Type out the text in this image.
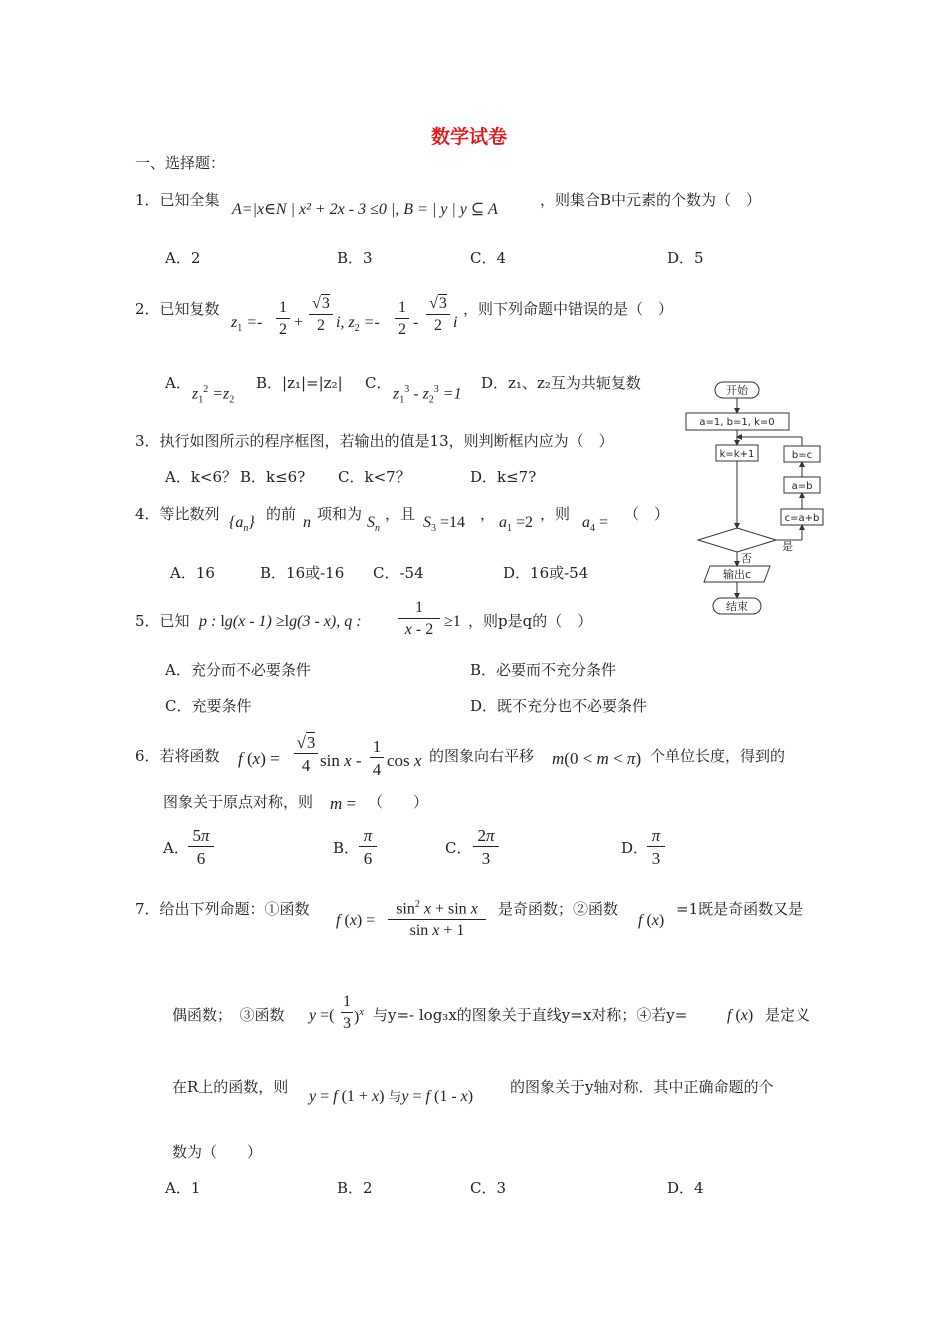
数学试卷
一、选择题：
1．已知全集
A=|x∈N | x² + 2x - 3 ≤0 |, B = | y | y ⊆ A
，则集合B中元素的个数为（　）
A．2	B．3	C．4	D．5
2．已知复数
$z_1 =- \frac{1}{2} + \frac{√3}{2} i$, $z_2 =- \frac{1}{2} - \frac{√3}{2}$ i
，则下列命题中错误的是（　）
A．
$z_1^2 =z_2$
B．|z₁|=|z₂| C．
$z_1^3 - z_2^3 =1$
D．z₁、z₂互为共轭复数
3．执行如图所示的程序框图，若输出的值是13，则判断框内应为（　）
A．k<6？ B．k≤6? C．k<7？	D．k≤7?
4．等比数列 $\{a_n\}$ 的前 n 项和为 $S_n$
，且 $S_3 =14$ ， $a_1 =2$ ，则 $a_4$ = （　）
A．16	B．16或-16 C．-54	D．16或-54
5．已知 p : lg(x - 1) ≥lg(3 - x), q : $\frac{1}{x - 2} \ge 1$ ，则p是q的（　）
A．充分而不必要条件	B．必要而不充分条件
C．充要条件	D．既不充分也不必要条件
6．若将函数 f $(x) = \frac{√3}{4}$ sin x - $\frac{1}{4}$ cos x 的图象向右平移 m(0 < m < π) 个单位长度，得到的
图象关于原点对称，则 m = （　　）
A． $\frac{5\pi}{6}$	B． $\frac{\pi}{6}$	C． $\frac{2\pi}{3}$	D．
$\frac{\pi}{3}$
7．给出下列命题：①函数
f $(x) = \frac{\sin^2 x + \sin x}{\text{sin x + 1}}$ 是奇函数；②函数
f (x)
=1既是奇函数又是
偶函数；　③函数 y =( $\frac{1}{3} )^x$ 与y=- log₃x的图象关于直线y=x对称；④若y= f (x) 是定义
在R上的函数，则
y = f (1 + x) 与y = f (1 - x)
的图象关于y轴对称．其中正确命题的个
数为（　　）
A．1	B．2	C．3	D．4
开始
a=1, b=1, k=0
k=k+1
是
c=a+b
a=b
b=c
否
输出c
结束
